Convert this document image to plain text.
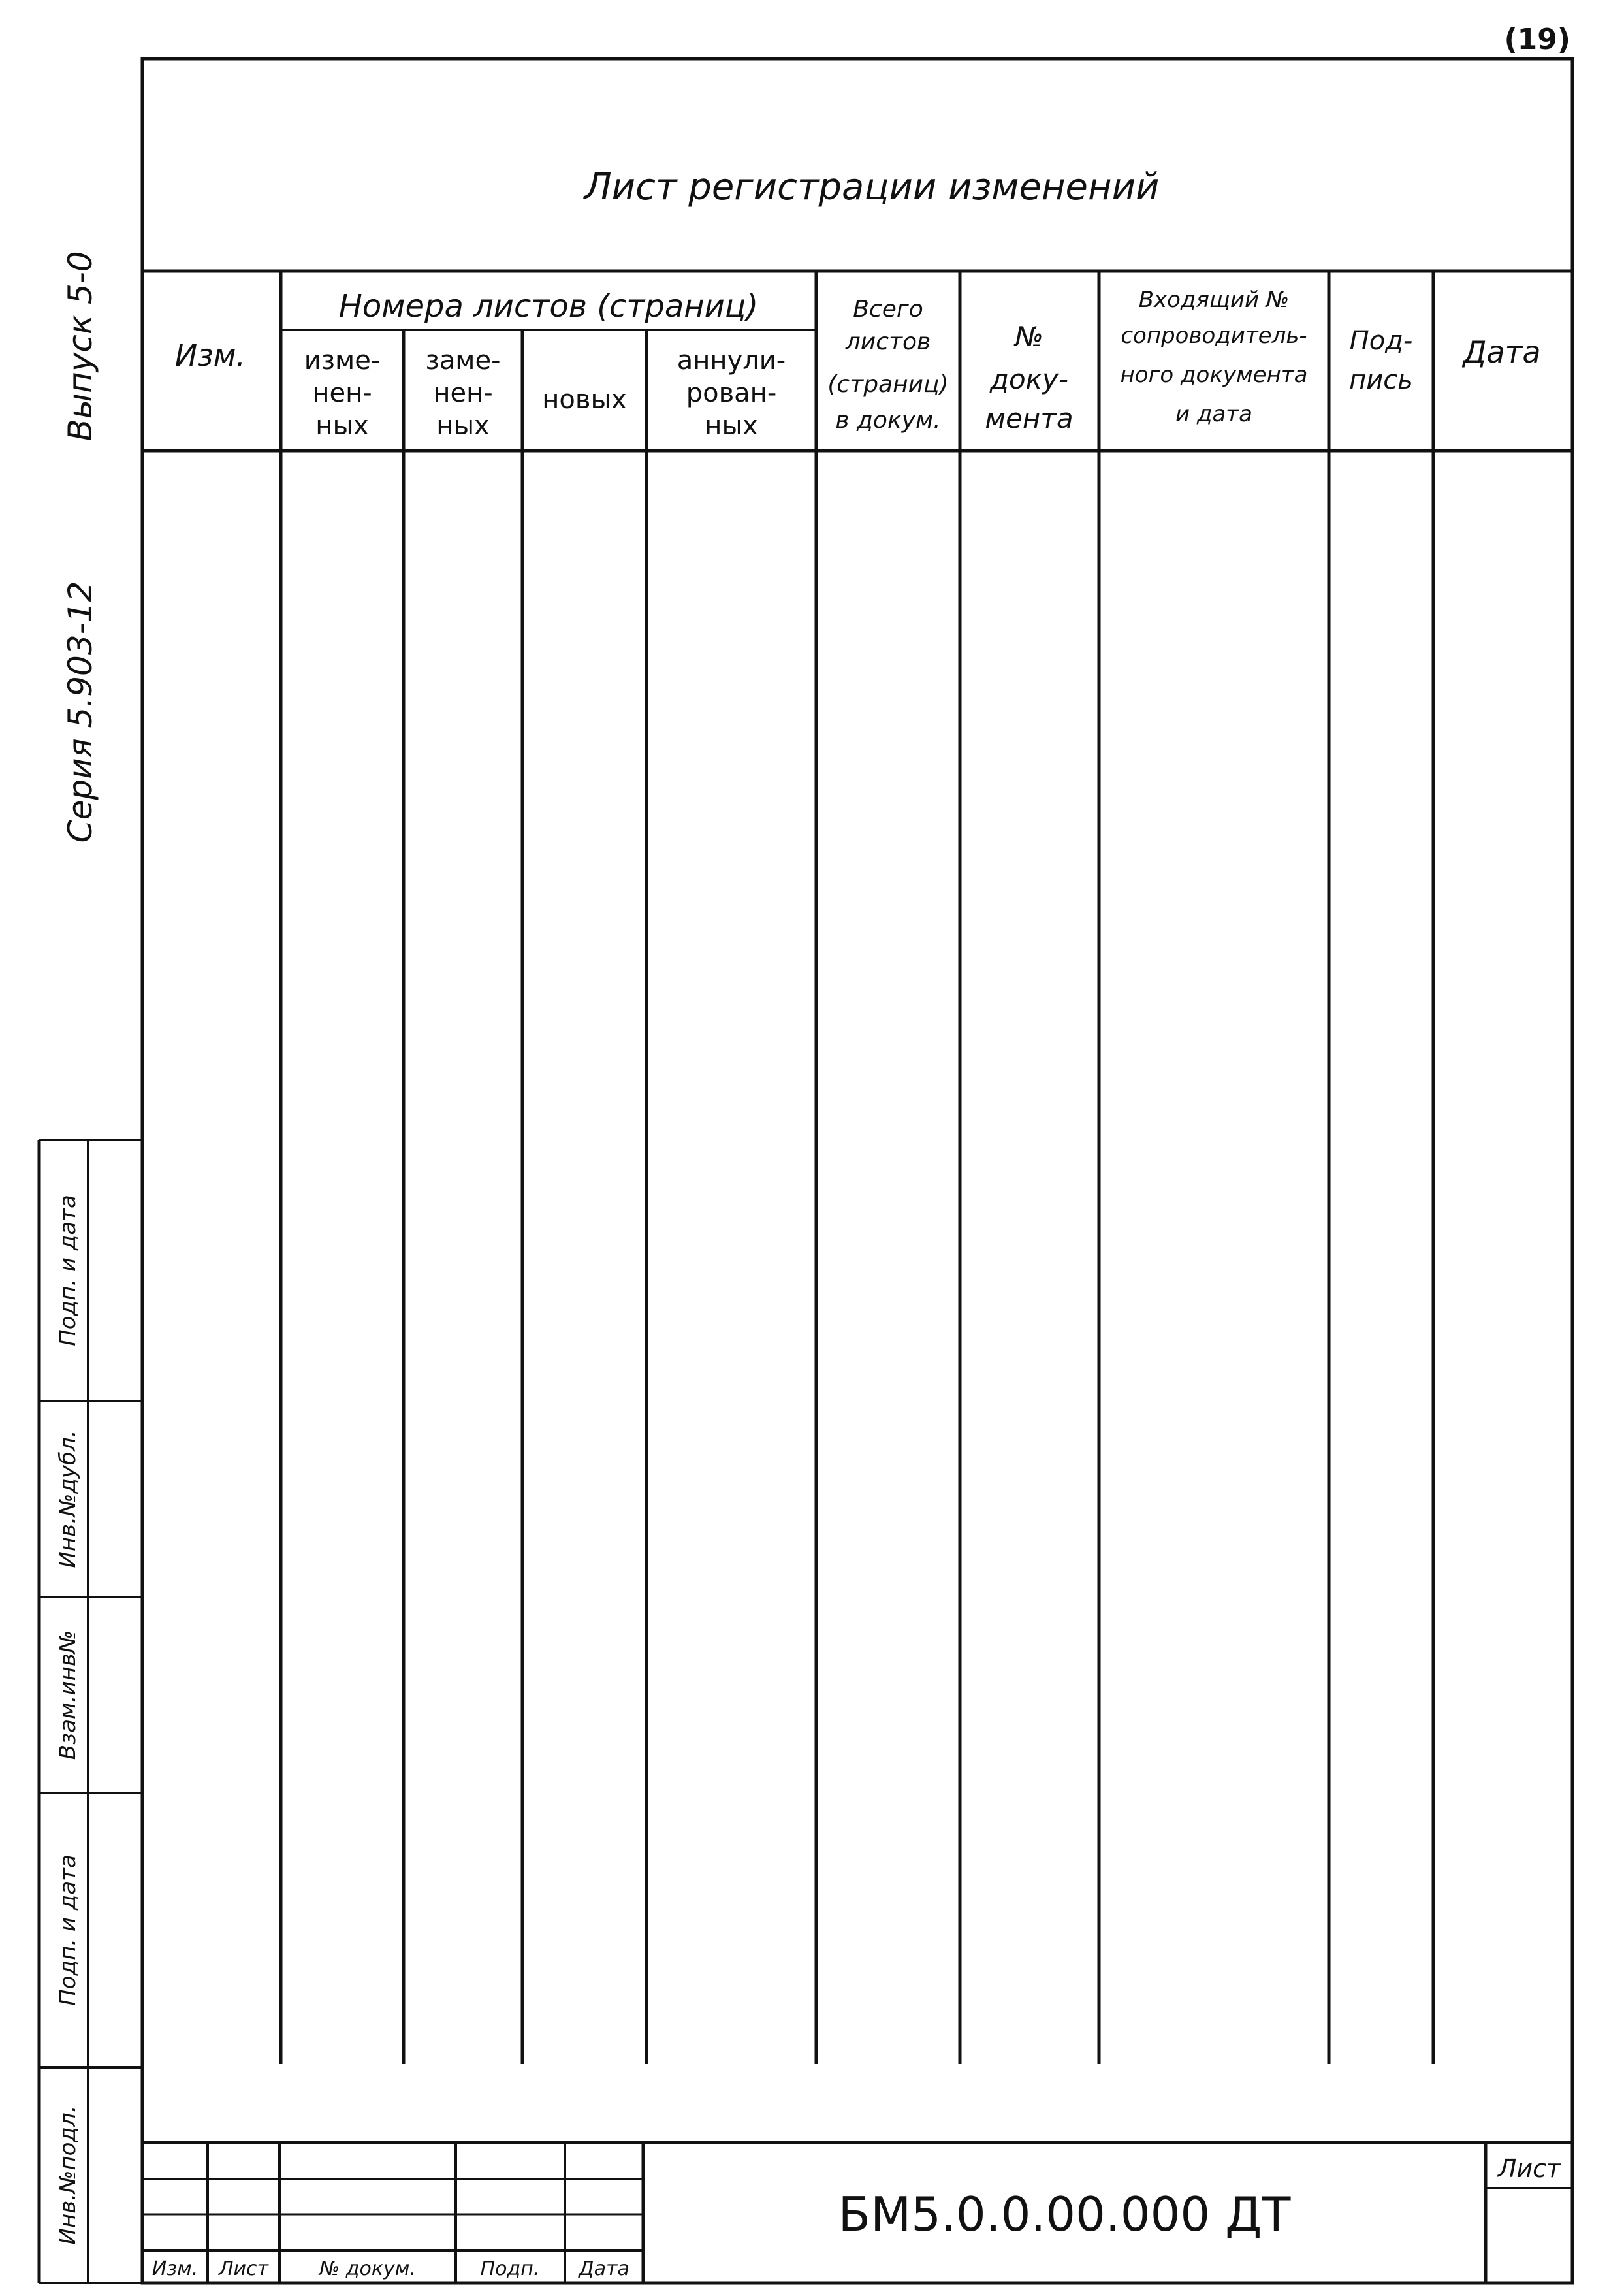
(19)
Лист регистрации изменений
Изм.
Номера листов (страниц)
изме-
нен-
ных
заме-
нен-
ных
новых
аннули-
рован-
ных
Всего
листов
(страниц)
в докум.
№
доку-
мента
Входящий №
сопроводитель-
ного документа
и дата
Под-
пись
Дата
Выпуск 5-0
Серия 5.903-12
Инв.№подл.
Подп. и дата
Взам.инв№
Инв.№дубл.
Подп. и дата
Изм. Лист	№ докум.	Подп. Дата
БМ5.0.0.00.000 ДТ
Лист
